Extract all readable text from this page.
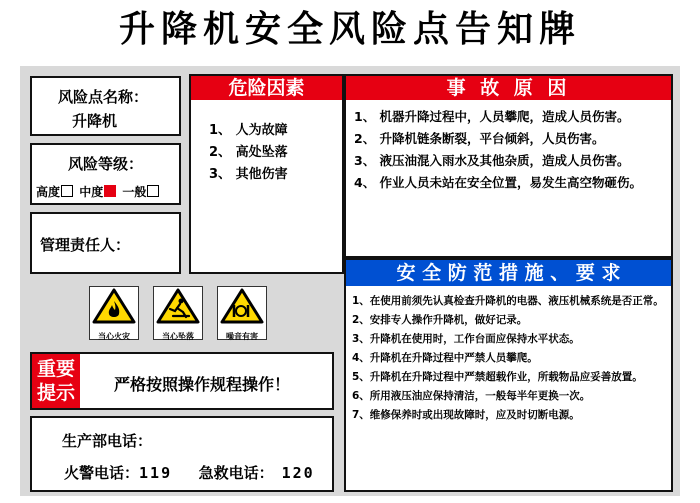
升降机安全风险点告知牌
风险点名称：
升降机
风险等级：
高度 中度 一般
管理责任人：
危险因素
1、 人为故障
2、 高处坠落
3、 其他伤害
事 故 原 因
1、 机器升降过程中，人员攀爬，造成人员伤害。
2、 升降机链条断裂，平台倾斜，人员伤害。
3、 液压油混入雨水及其他杂质，造成人员伤害。
4、 作业人员未站在安全位置，易发生高空物砸伤。
安 全 防 范 措 施 、 要 求
1、在使用前须先认真检查升降机的电器、液压机械系统是否正常。
2、安排专人操作升降机，做好记录。
3、升降机在使用时，工作台面应保持水平状态。
4、升降机在升降过程中严禁人员攀爬。
5、升降机在升降过程中严禁超载作业，所载物品应妥善放置。
6、所用液压油应保持清洁，一般每半年更换一次。
7、维修保养时或出现故障时，应及时切断电源。
当心火灾	当心坠落	噪音有害
重要
提示	严格按照操作规程操作！
生产部电话：
火警电话：119 急救电话： 120
